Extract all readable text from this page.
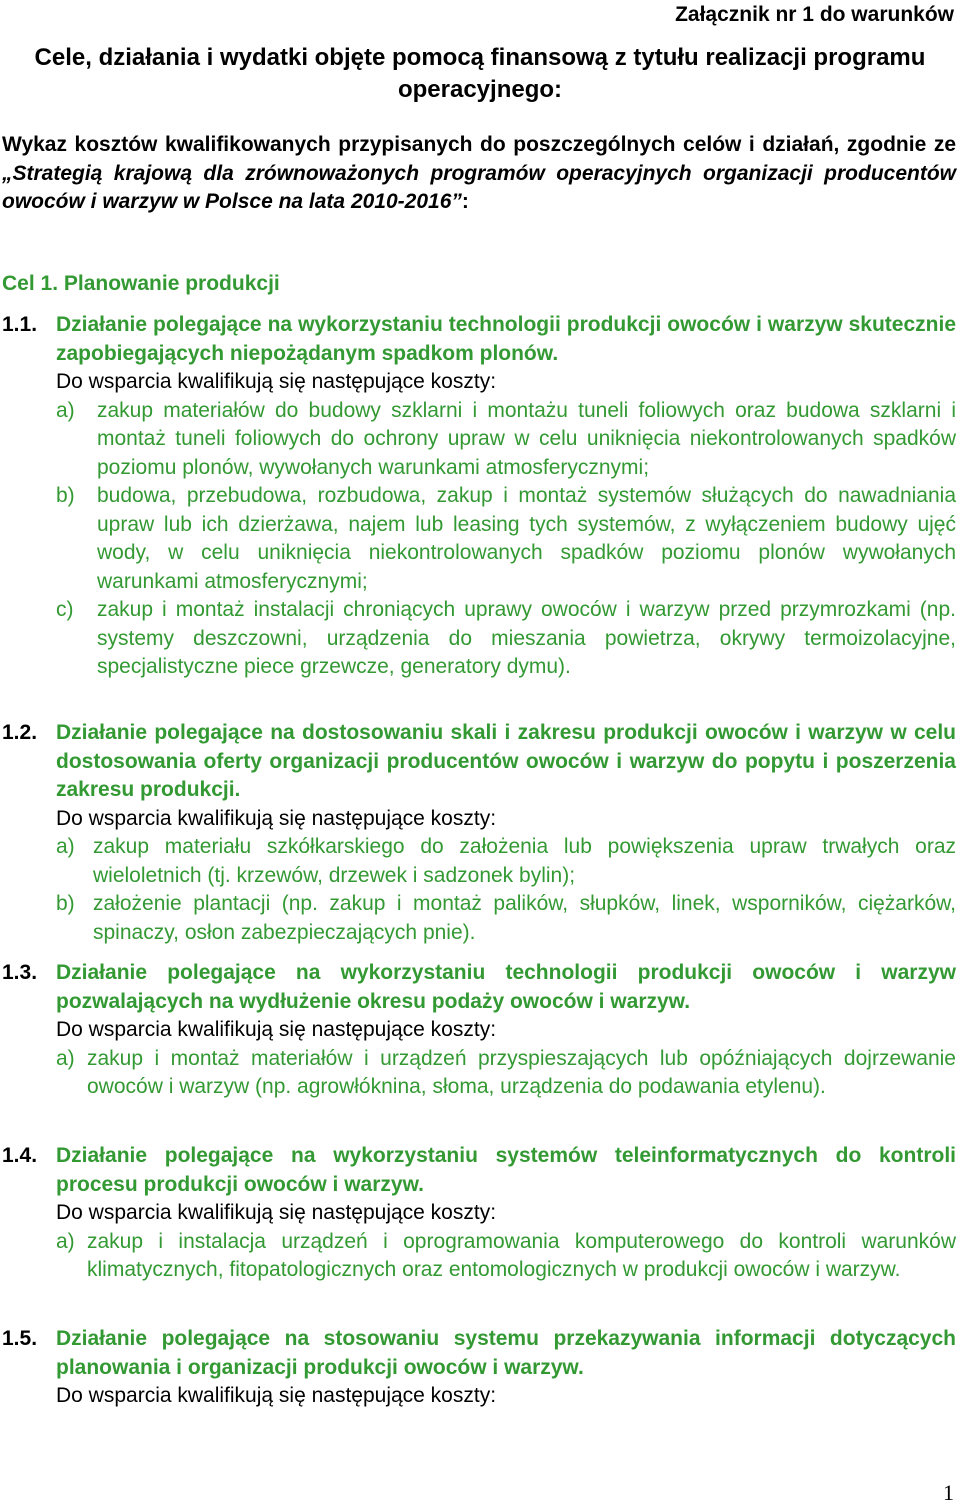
Załącznik nr 1 do warunków
Cele, działania i wydatki objęte pomocą finansową z tytułu realizacji programu operacyjnego:
Wykaz kosztów kwalifikowanych przypisanych do poszczególnych celów i działań, zgodnie ze „Strategią krajową dla zrównoważonych programów operacyjnych organizacji producentów owoców i warzyw w Polsce na lata 2010-2016”:
Cel 1. Planowanie produkcji
1.1. Działanie polegające na wykorzystaniu technologii produkcji owoców i warzyw skutecznie zapobiegających niepożądanym spadkom plonów.
Do wsparcia kwalifikują się następujące koszty:
a) zakup materiałów do budowy szklarni i montażu tuneli foliowych oraz budowa szklarni i montaż tuneli foliowych do ochrony upraw w celu uniknięcia niekontrolowanych spadków poziomu plonów, wywołanych warunkami atmosferycznymi;
b) budowa, przebudowa, rozbudowa, zakup i montaż systemów służących do nawadniania upraw lub ich dzierżawa, najem lub leasing tych systemów, z wyłączeniem budowy ujęć wody, w celu uniknięcia niekontrolowanych spadków poziomu plonów wywołanych warunkami atmosferycznymi;
c) zakup i montaż instalacji chroniących uprawy owoców i warzyw przed przymrozkami (np. systemy deszczowni, urządzenia do mieszania powietrza, okrywy termoizolacyjne, specjalistyczne piece grzewcze, generatory dymu).
1.2. Działanie polegające na dostosowaniu skali i zakresu produkcji owoców i warzyw w celu dostosowania oferty organizacji producentów owoców i warzyw do popytu i poszerzenia zakresu produkcji.
Do wsparcia kwalifikują się następujące koszty:
a) zakup materiału szkółkarskiego do założenia lub powiększenia upraw trwałych oraz wieloletnich (tj. krzewów, drzewek i sadzonek bylin);
b) założenie plantacji (np. zakup i montaż palików, słupków, linek, wsporników, ciężarków, spinaczy, osłon zabezpieczających pnie).
1.3. Działanie polegające na wykorzystaniu technologii produkcji owoców i warzyw pozwalających na wydłużenie okresu podaży owoców i warzyw.
Do wsparcia kwalifikują się następujące koszty:
a) zakup i montaż materiałów i urządzeń przyspieszających lub opóźniających dojrzewanie owoców i warzyw (np. agrowłóknina, słoma, urządzenia do podawania etylenu).
1.4. Działanie polegające na wykorzystaniu systemów teleinformatycznych do kontroli procesu produkcji owoców i warzyw.
Do wsparcia kwalifikują się następujące koszty:
a) zakup i instalacja urządzeń i oprogramowania komputerowego do kontroli warunków klimatycznych, fitopatologicznych oraz entomologicznych w produkcji owoców i warzyw.
1.5. Działanie polegające na stosowaniu systemu przekazywania informacji dotyczących planowania i organizacji produkcji owoców i warzyw.
Do wsparcia kwalifikują się następujące koszty:
1
